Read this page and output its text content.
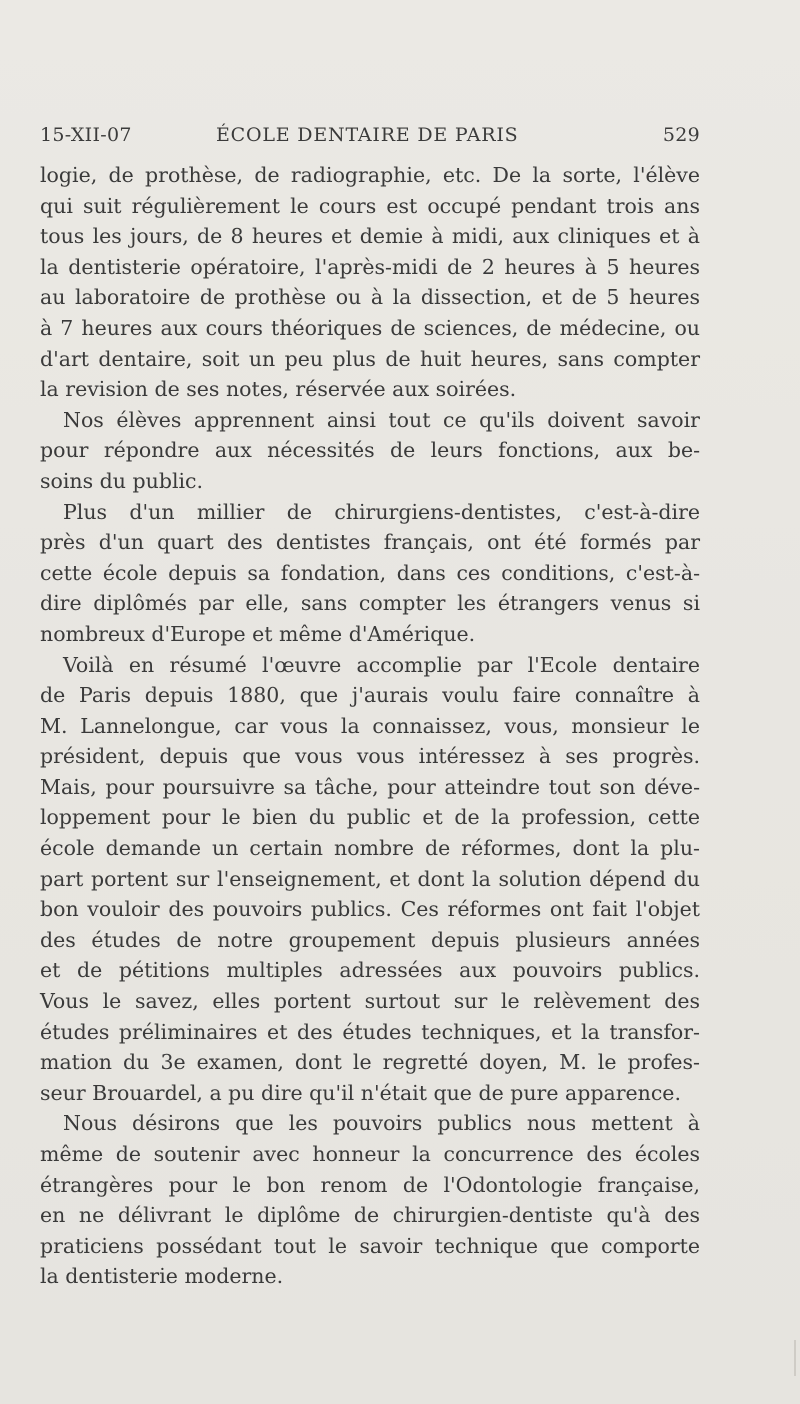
15-XII-07	ÉCOLE DENTAIRE DE PARIS	529

logie, de prothèse, de radiographie, etc. De la sorte, l'élève
qui suit régulièrement le cours est occupé pendant trois ans
tous les jours, de 8 heures et demie à midi, aux cliniques et à
la dentisterie opératoire, l'après-midi de 2 heures à 5 heures
au laboratoire de prothèse ou à la dissection, et de 5 heures
à 7 heures aux cours théoriques de sciences, de médecine, ou
d'art dentaire, soit un peu plus de huit heures, sans compter
la revision de ses notes, réservée aux soirées.

Nos élèves apprennent ainsi tout ce qu'ils doivent savoir
pour répondre aux nécessités de leurs fonctions, aux be-
soins du public.

Plus d'un millier de chirurgiens-dentistes, c'est-à-dire
près d'un quart des dentistes français, ont été formés par
cette école depuis sa fondation, dans ces conditions, c'est-à-
dire diplômés par elle, sans compter les étrangers venus si
nombreux d'Europe et même d'Amérique.

Voilà en résumé l'œuvre accomplie par l'Ecole dentaire
de Paris depuis 1880, que j'aurais voulu faire connaître à
M. Lannelongue, car vous la connaissez, vous, monsieur le
président, depuis que vous vous intéressez à ses progrès.
Mais, pour poursuivre sa tâche, pour atteindre tout son déve-
loppement pour le bien du public et de la profession, cette
école demande un certain nombre de réformes, dont la plu-
part portent sur l'enseignement, et dont la solution dépend du
bon vouloir des pouvoirs publics. Ces réformes ont fait l'objet
des études de notre groupement depuis plusieurs années
et de pétitions multiples adressées aux pouvoirs publics.
Vous le savez, elles portent surtout sur le relèvement des
études préliminaires et des études techniques, et la transfor-
mation du 3e examen, dont le regretté doyen, M. le profes-
seur Brouardel, a pu dire qu'il n'était que de pure apparence.

Nous désirons que les pouvoirs publics nous mettent à
même de soutenir avec honneur la concurrence des écoles
étrangères pour le bon renom de l'Odontologie française,
en ne délivrant le diplôme de chirurgien-dentiste qu'à des
praticiens possédant tout le savoir technique que comporte
la dentisterie moderne.
